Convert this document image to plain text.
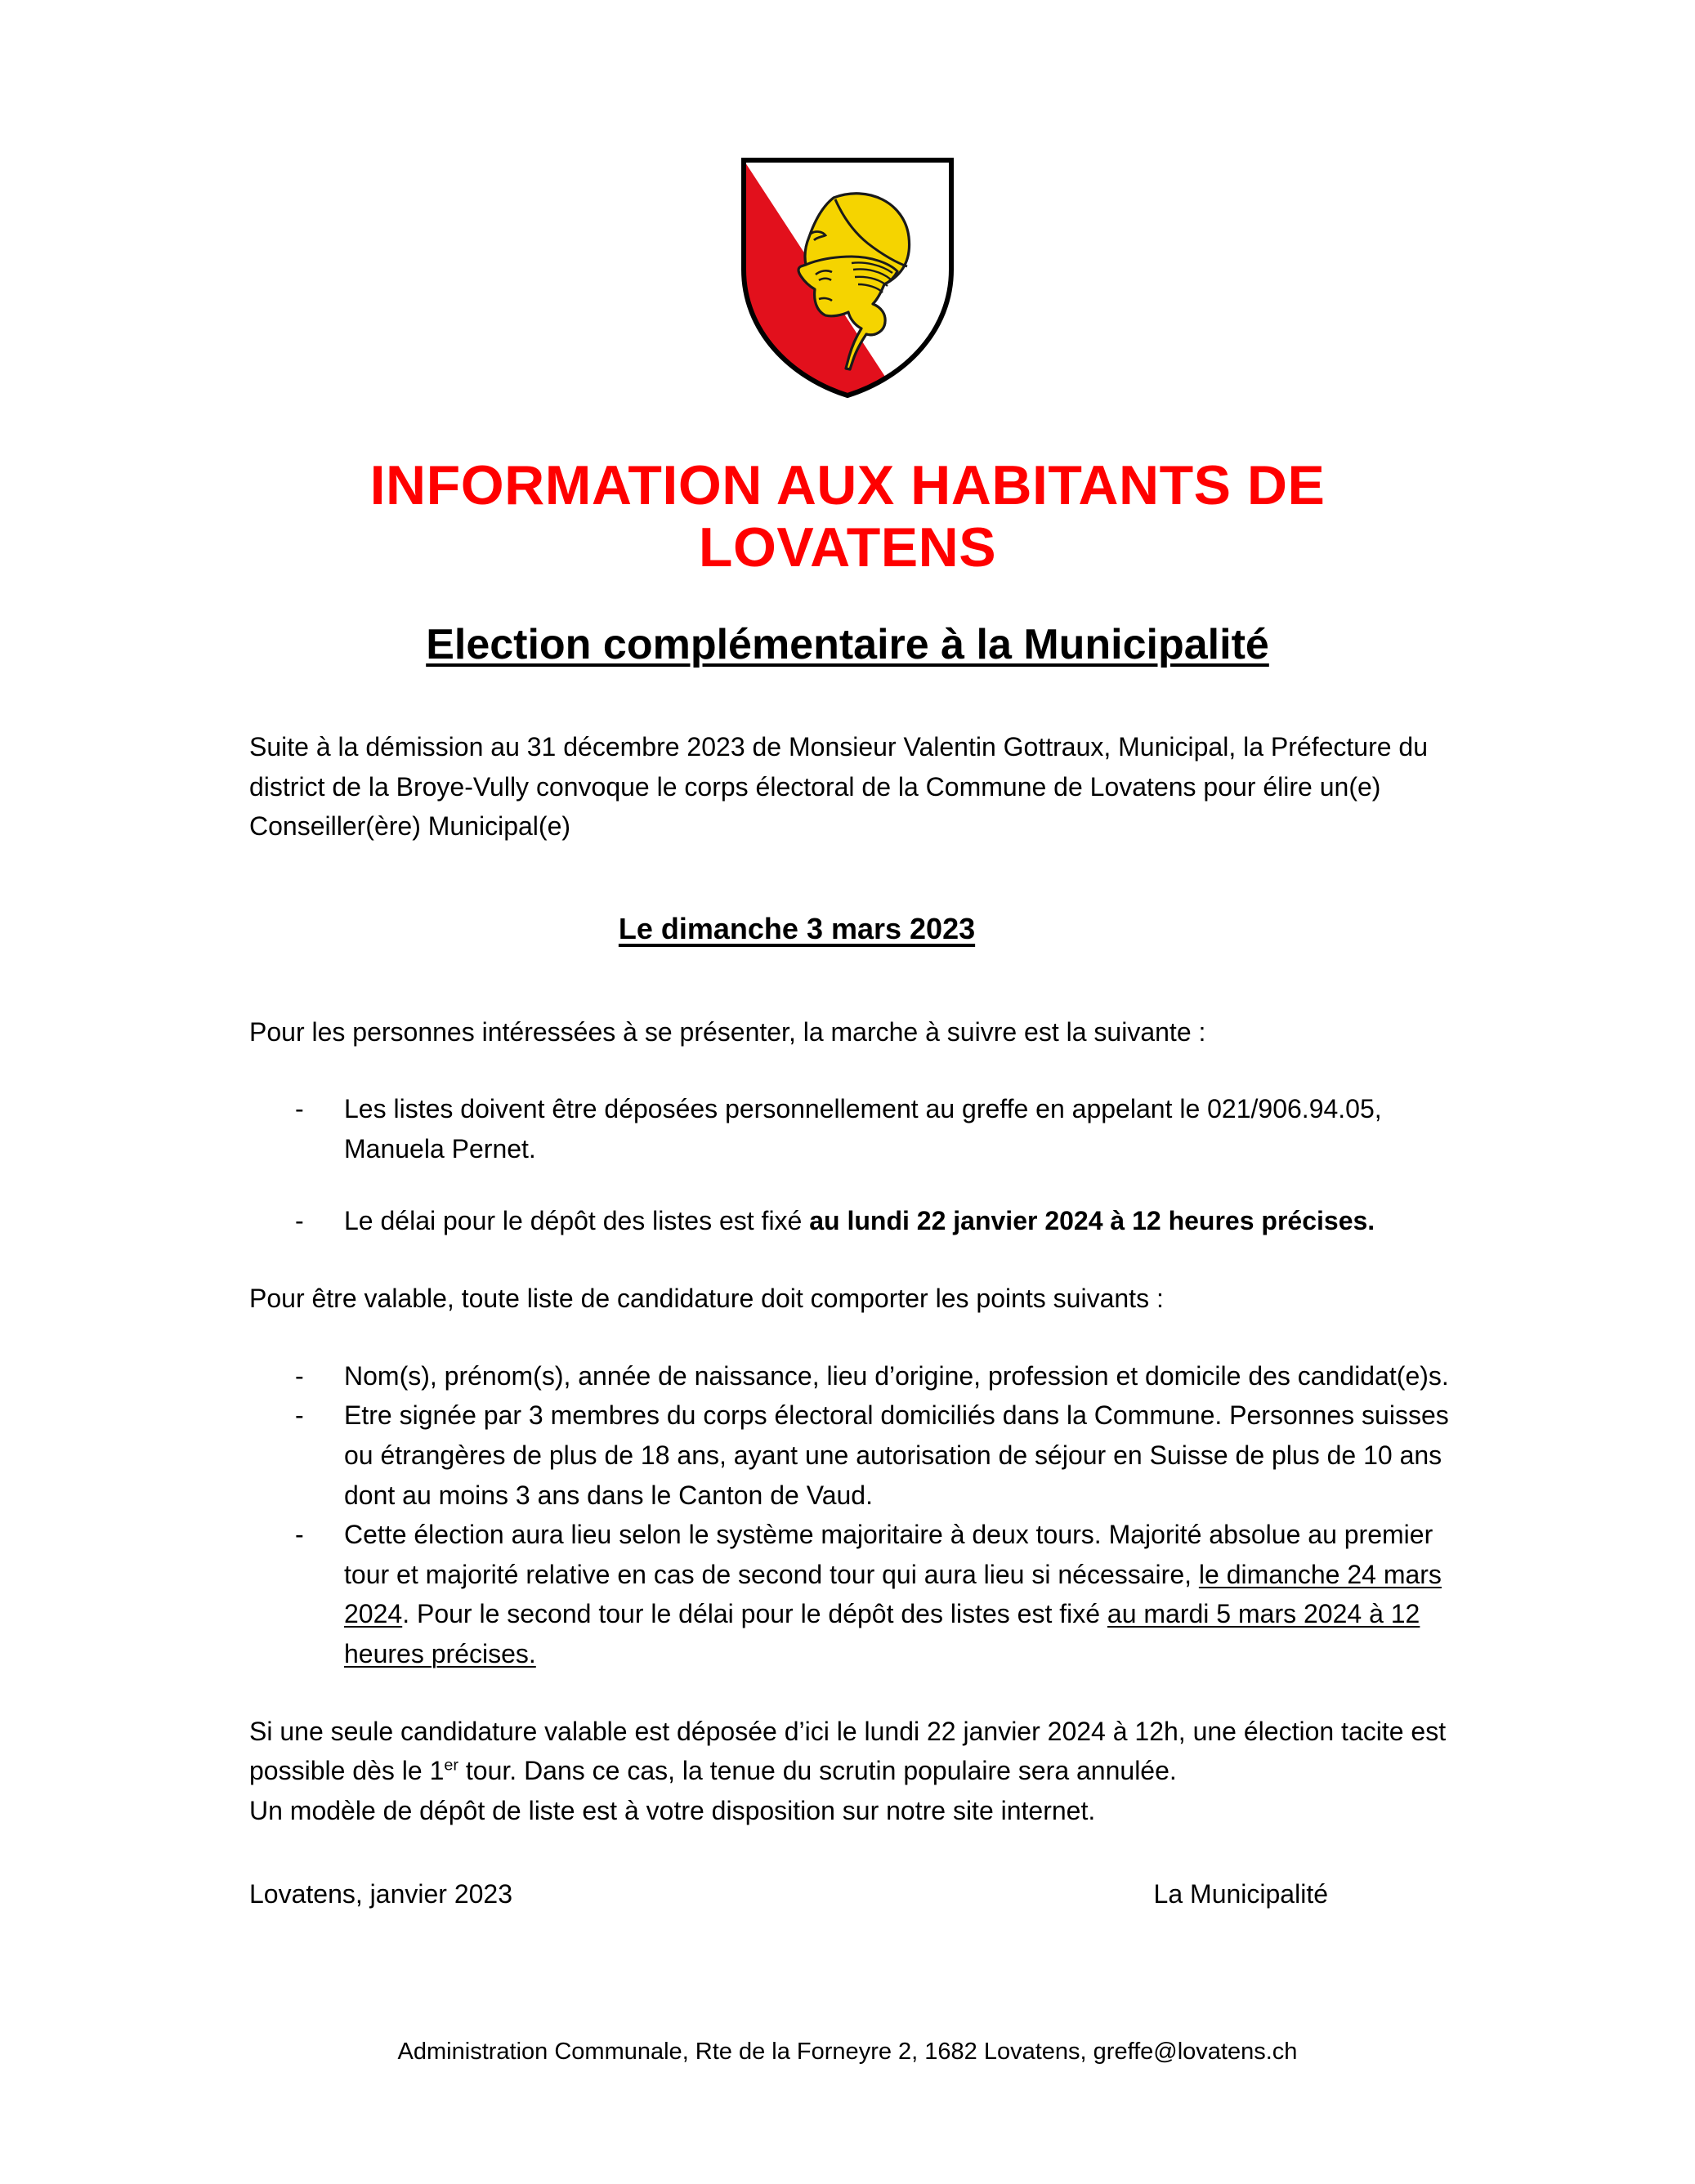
INFORMATION AUX HABITANTS DE
LOVATENS
Election complémentaire à la Municipalité

Suite à la démission au 31 décembre 2023 de Monsieur Valentin Gottraux, Municipal, la Préfecture du district de la Broye-Vully convoque le corps électoral de la Commune de Lovatens pour élire un(e) Conseiller(ère) Municipal(e)

Le dimanche 3 mars 2023

Pour les personnes intéressées à se présenter, la marche à suivre est la suivante :

- Les listes doivent être déposées personnellement au greffe en appelant le 021/906.94.05, Manuela Pernet.
- Le délai pour le dépôt des listes est fixé au lundi 22 janvier 2024 à 12 heures précises.

Pour être valable, toute liste de candidature doit comporter les points suivants :

- Nom(s), prénom(s), année de naissance, lieu d’origine, profession et domicile des candidat(e)s.
- Etre signée par 3 membres du corps électoral domiciliés dans la Commune. Personnes suisses ou étrangères de plus de 18 ans, ayant une autorisation de séjour en Suisse de plus de 10 ans dont au moins 3 ans dans le Canton de Vaud.
- Cette élection aura lieu selon le système majoritaire à deux tours. Majorité absolue au premier tour et majorité relative en cas de second tour qui aura lieu si nécessaire, le dimanche 24 mars 2024. Pour le second tour le délai pour le dépôt des listes est fixé au mardi 5 mars 2024 à 12 heures précises.

Si une seule candidature valable est déposée d’ici le lundi 22 janvier 2024 à 12h, une élection tacite est possible dès le 1er tour. Dans ce cas, la tenue du scrutin populaire sera annulée.

Un modèle de dépôt de liste est à votre disposition sur notre site internet.

Lovatens, janvier 2023	La Municipalité
Administration Communale, Rte de la Forneyre 2, 1682 Lovatens, greffe@lovatens.ch
